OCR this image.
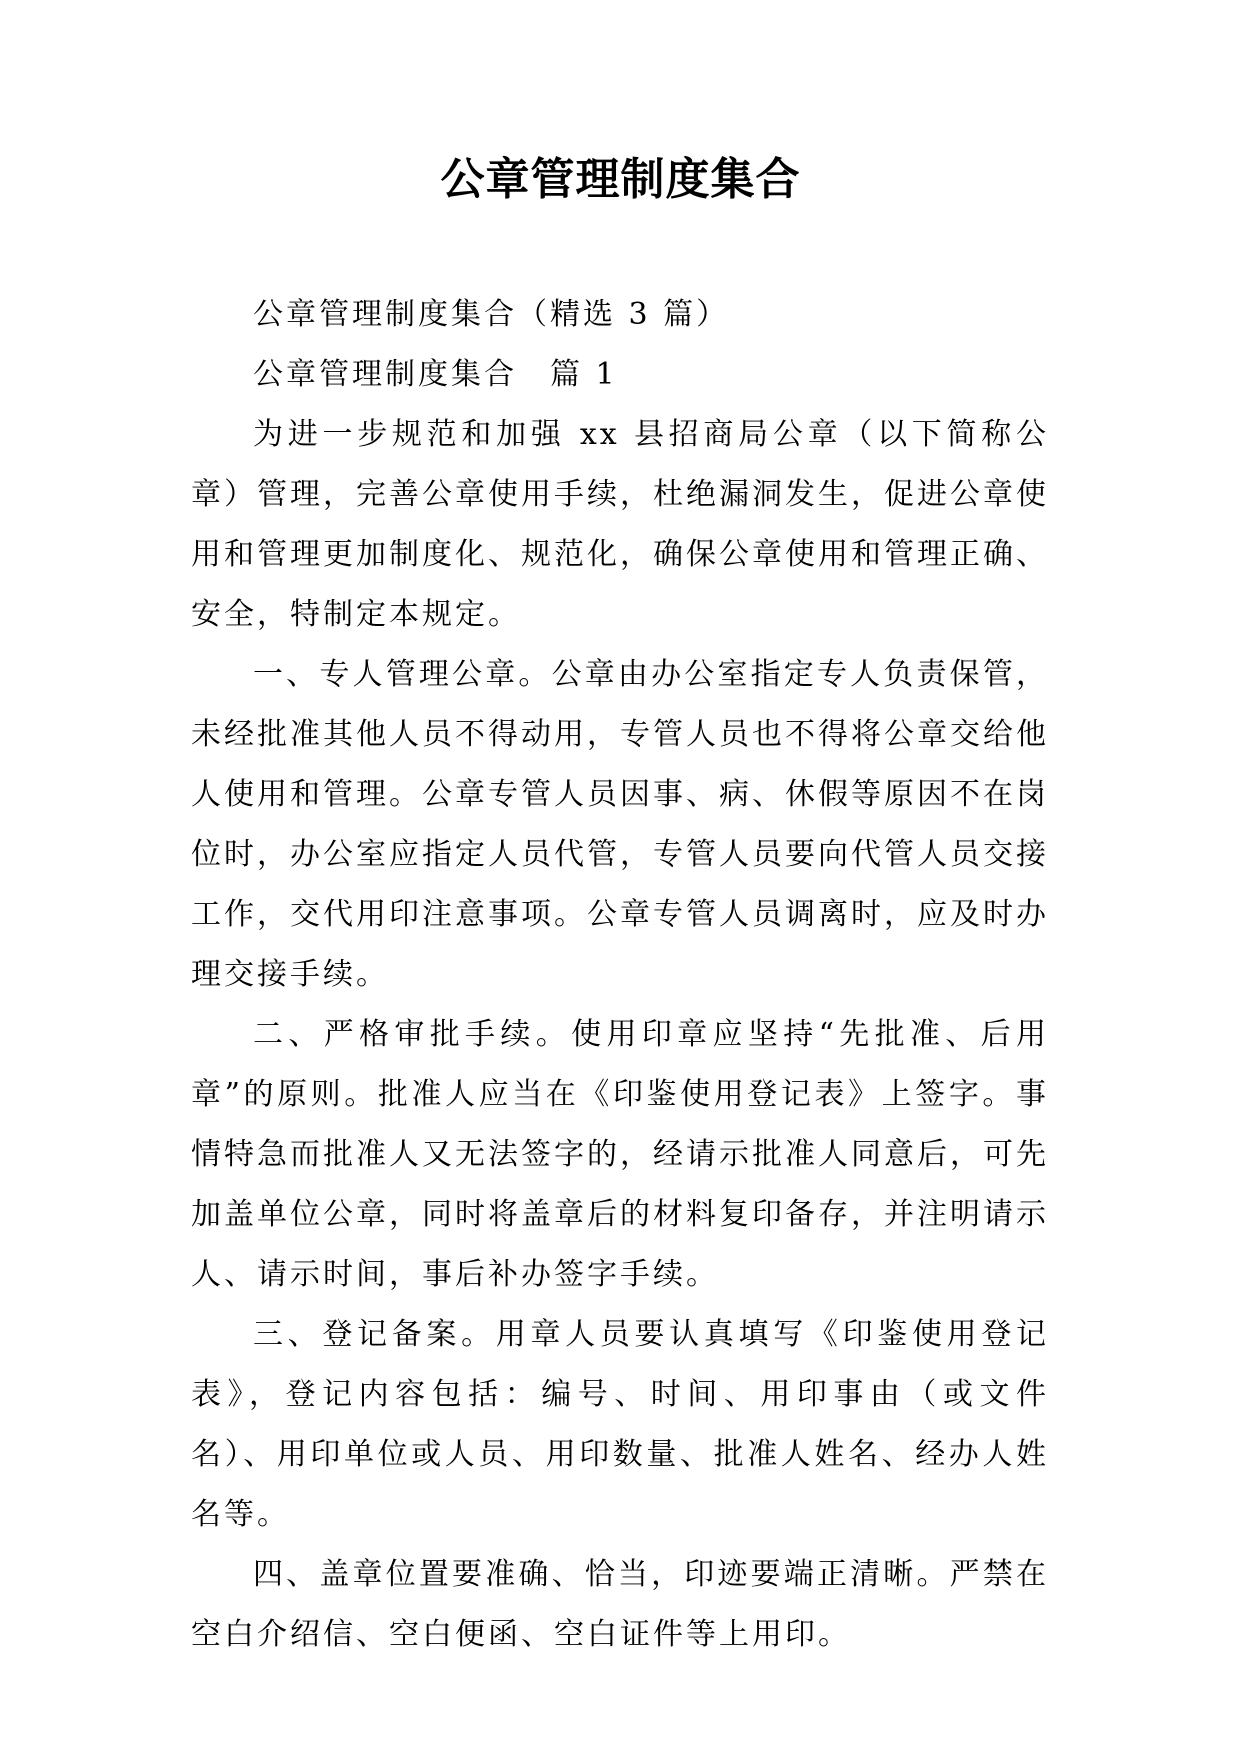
公章管理制度集合

公章管理制度集合（精选 3 篇）

公章管理制度集合　篇 1

为进一步规范和加强 xx 县招商局公章（以下简称公章）管理，完善公章使用手续，杜绝漏洞发生，促进公章使用和管理更加制度化、规范化，确保公章使用和管理正确、安全，特制定本规定。

一、专人管理公章。公章由办公室指定专人负责保管，未经批准其他人员不得动用，专管人员也不得将公章交给他人使用和管理。公章专管人员因事、病、休假等原因不在岗位时，办公室应指定人员代管，专管人员要向代管人员交接工作，交代用印注意事项。公章专管人员调离时，应及时办理交接手续。

二、严格审批手续。使用印章应坚持“先批准、后用章”的原则。批准人应当在《印鉴使用登记表》上签字。事情特急而批准人又无法签字的，经请示批准人同意后，可先加盖单位公章，同时将盖章后的材料复印备存，并注明请示人、请示时间，事后补办签字手续。

三、登记备案。用章人员要认真填写《印鉴使用登记表》，登记内容包括：编号、时间、用印事由（或文件名）、用印单位或人员、用印数量、批准人姓名、经办人姓名等。

四、盖章位置要准确、恰当，印迹要端正清晰。严禁在空白介绍信、空白便函、空白证件等上用印。
